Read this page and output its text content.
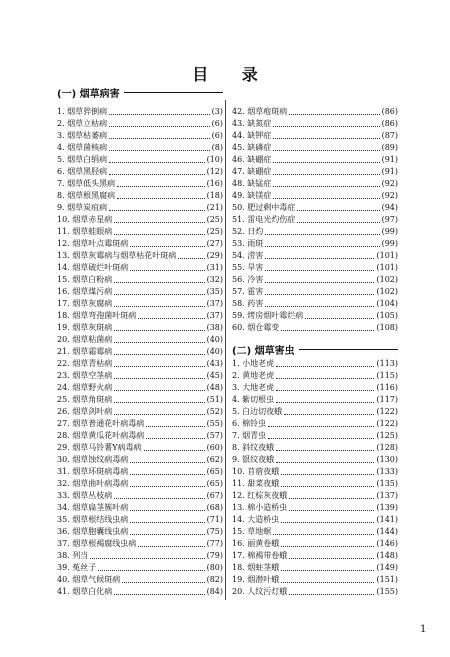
目 录
(一) 烟草病害
1. 烟草猝倒病	(3)
2. 烟草立枯病	(6)
3. 烟草枯萎病	(6)
4. 烟草菌核病	(8)
5. 烟草白绢病	(10)
6. 烟草黑胫病	(12)
7. 烟草低头黑病	(16)
8. 烟草根黑腐病	(18)
9. 烟草炭疽病	(21)
10. 烟草赤星病	(25)
11. 烟草蛙眼病	(25)
12. 烟草叶点霉斑病	(27)
13. 烟草灰霉病与烟草枯花叶斑病	(29)
14. 烟草破烂叶斑病	(31)
15. 烟草白粉病	(32)
16. 烟草煤污病	(35)
17. 烟草灰腐病	(37)
18. 烟草弯孢菌叶斑病	(37)
19. 烟草灰斑病	(38)
20. 烟草粘菌病	(40)
21. 烟草霜霉病	(40)
22. 烟草青枯病	(43)
23. 烟草空茎病	(45)
24. 烟草野火病	(48)
25. 烟草角斑病	(51)
26. 烟草剑叶病	(52)
27. 烟草普通花叶病毒病	(55)
28. 烟草黄瓜花叶病毒病	(57)
29. 烟草马铃薯Y病毒病	(60)
30. 烟草蚀纹病毒病	(62)
31. 烟草环斑病毒病	(65)
32. 烟草曲叶病毒病	(65)
33. 烟草丛枝病	(67)
34. 烟草扁茎簇叶病	(68)
35. 烟草根结线虫病	(71)
36. 烟草胞囊线虫病	(75)
37. 烟草根褐腐线虫病	(77)
38. 列当	(79)
39. 菟丝子	(80)
40. 烟草气候斑病	(82)
41. 烟草白化病	(84)
42. 烟草疱斑病	(86)
43. 缺氮症	(86)
44. 缺钾症	(87)
45. 缺磷症	(89)
46. 缺硼症	(91)
47. 缺硼症	(91)
48. 缺锰症	(92)
49. 缺镁症	(92)
50. 肥过剩中毒症	(94)
51. 雷电光灼伤症	(97)
52. 日灼	(99)
53. 雨斑	(99)
54. 涝害	(101)
55. 旱害	(101)
56. 冷害	(102)
57. 雹害	(102)
58. 药害	(104)
59. 烤房烟叶霉烂病	(105)
60. 烟仓霉变	(108)
(二) 烟草害虫
1. 小地老虎	(113)
2. 黄地老虎	(115)
3. 大地老虎	(116)
4. 紫切根虫	(117)
5. 白边切夜蛾	(122)
6. 棉铃虫	(122)
7. 烟青虫	(125)
8. 斜纹夜蛾	(128)
9. 银纹夜蛾	(130)
10. 苜蓿夜蛾	(133)
11. 甜菜夜蛾	(135)
12. 红棕灰夜蛾	(137)
13. 棉小造桥虫	(139)
14. 大造桥虫	(141)
15. 草地螟	(144)
16. 丽黄卷蛾	(146)
17. 棉褐带卷蛾	(148)
18. 烟蛀茎蛾	(149)
19. 烟潜叶蛾	(151)
20. 人纹污灯蛾	(155)
1
